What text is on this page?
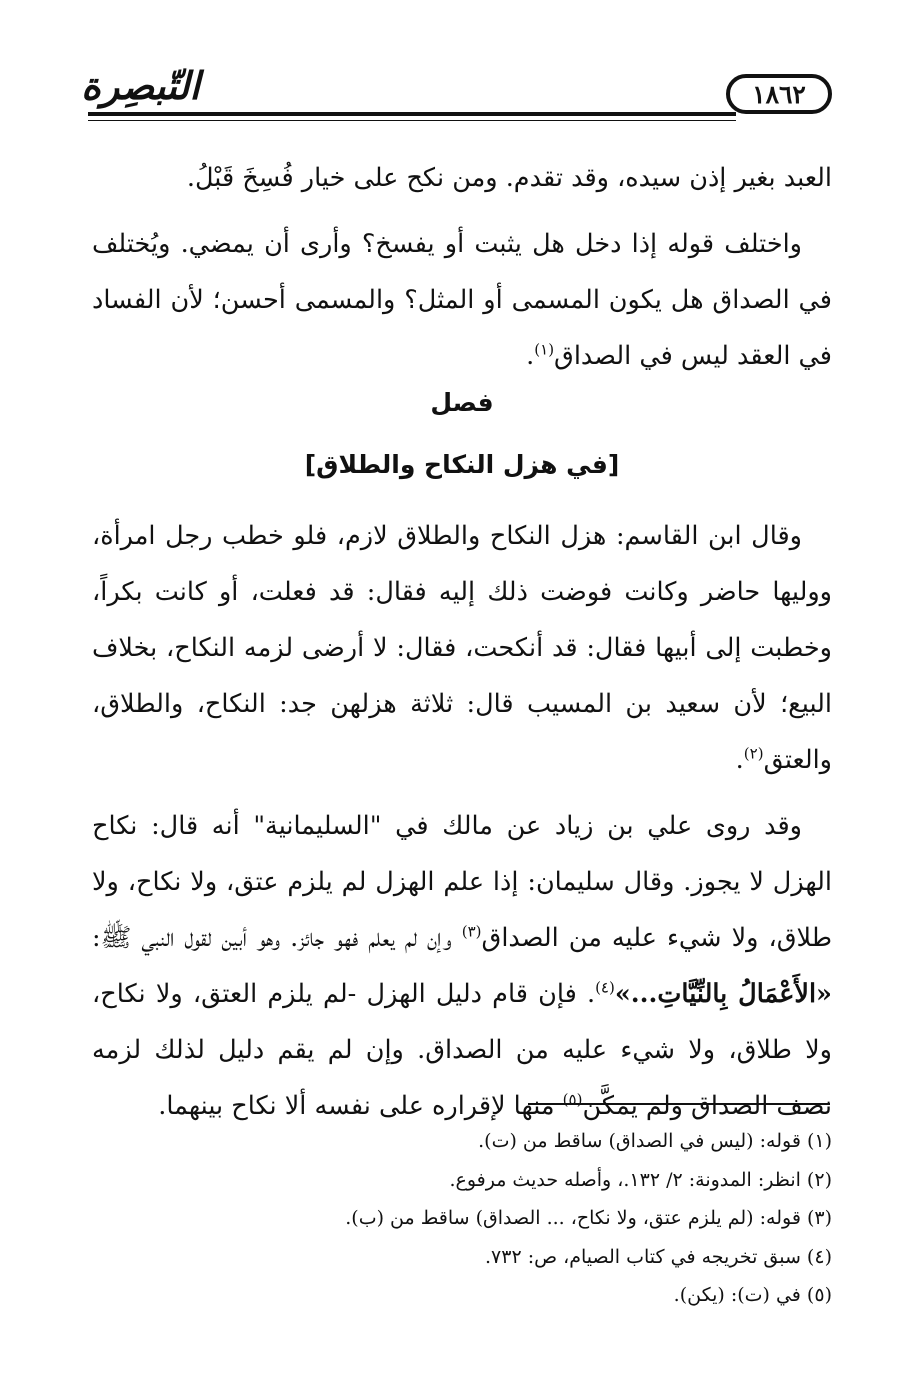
التّبصِرة	١٨٦٢

العبد بغير إذن سيده، وقد تقدم. ومن نكح على خيار فُسِخَ قَبْلُ.

واختلف قوله إذا دخل هل يثبت أو يفسخ؟ وأرى أن يمضي. ويُختلف في الصداق هل يكون المسمى أو المثل؟ والمسمى أحسن؛ لأن الفساد في العقد ليس في الصداق$^{(١)}$.

فصل
[في هزل النكاح والطلاق]

وقال ابن القاسم: هزل النكاح والطلاق لازم، فلو خطب رجل امرأة، ووليها حاضر وكانت فوضت ذلك إليه فقال: قد فعلت، أو كانت بكراً، وخطبت إلى أبيها فقال: قد أنكحت، فقال: لا أرضى لزمه النكاح، بخلاف البيع؛ لأن سعيد بن المسيب قال: ثلاثة هزلهن جد: النكاح، والطلاق، والعتق$^{(٢)}$.

وقد روى علي بن زياد عن مالك في "السليمانية" أنه قال: نكاح الهزل لا يجوز. وقال سليمان: إذا علم الهزل لم يلزم عتق، ولا نكاح، ولا طلاق، ولا شيء عليه من الصداق$^{(٣)}$ وإن لم يعلم فهو جائز. وهو أبين لقول النبي ﷺ: «الأَعْمَالُ بِالنِّيَّاتِ...»$^{(٤)}$. فإن قام دليل الهزل -لم يلزم العتق، ولا نكاح، ولا طلاق، ولا شيء عليه من الصداق. وإن لم يقم دليل لذلك لزمه نصف الصداق ولم يمكَّن$^{(٥)}$ منها لإقراره على نفسه ألا نكاح بينهما.

(١) قوله: (ليس في الصداق) ساقط من (ت).
(٢) انظر: المدونة: ٢/ ١٣٢.، وأصله حديث مرفوع.
(٣) قوله: (لم يلزم عتق، ولا نكاح، ... الصداق) ساقط من (ب).
(٤) سبق تخريجه في كتاب الصيام، ص: ٧٣٢.
(٥) في (ت): (يكن).
